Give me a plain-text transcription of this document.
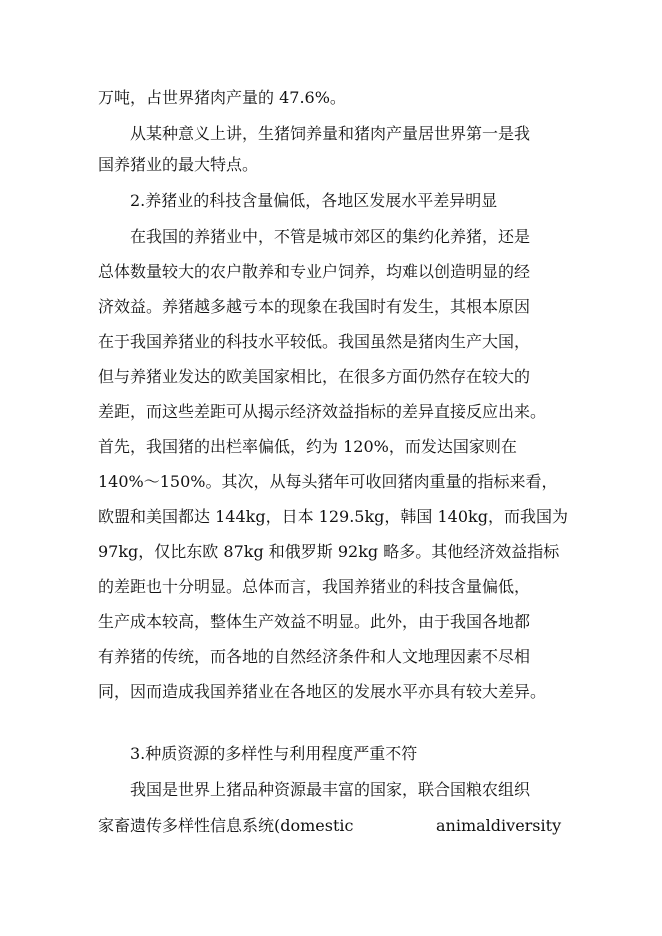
万吨，占世界猪肉产量的 47.6%。
从某种意义上讲，生猪饲养量和猪肉产量居世界第一是我
国养猪业的最大特点。
2.养猪业的科技含量偏低，各地区发展水平差异明显
在我国的养猪业中，不管是城市郊区的集约化养猪，还是
总体数量较大的农户散养和专业户饲养，均难以创造明显的经
济效益。养猪越多越亏本的现象在我国时有发生，其根本原因
在于我国养猪业的科技水平较低。我国虽然是猪肉生产大国，
但与养猪业发达的欧美国家相比，在很多方面仍然存在较大的
差距，而这些差距可从揭示经济效益指标的差异直接反应出来。
首先，我国猪的出栏率偏低，约为 120%，而发达国家则在
140%～150%。其次，从每头猪年可收回猪肉重量的指标来看，
欧盟和美国都达 144kg，日本 129.5kg，韩国 140kg，而我国为
97kg，仅比东欧 87kg 和俄罗斯 92kg 略多。其他经济效益指标
的差距也十分明显。总体而言，我国养猪业的科技含量偏低，
生产成本较高，整体生产效益不明显。此外，由于我国各地都
有养猪的传统，而各地的自然经济条件和人文地理因素不尽相
同，因而造成我国养猪业在各地区的发展水平亦具有较大差异。
3.种质资源的多样性与利用程度严重不符
我国是世界上猪品种资源最丰富的国家，联合国粮农组织
家畜遗传多样性信息系统(domestic	animaldiversity
